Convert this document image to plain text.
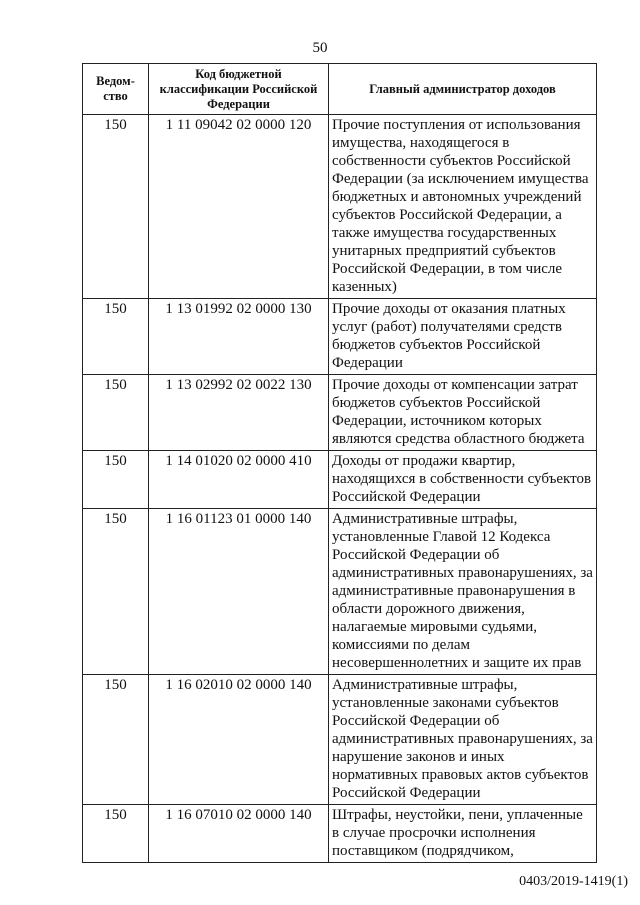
50
Ведом-ство	Код бюджетной классификации Российской Федерации	Главный администратор доходов
150	1 11 09042 02 0000 120	Прочие поступления от использования имущества, находящегося в собственности субъектов Российской Федерации (за исключением имущества бюджетных и автономных учреждений субъектов Российской Федерации, а также имущества государственных унитарных предприятий субъектов Российской Федерации, в том числе казенных)
150	1 13 01992 02 0000 130	Прочие доходы от оказания платных услуг (работ) получателями средств бюджетов субъектов Российской Федерации
150	1 13 02992 02 0022 130	Прочие доходы от компенсации затрат бюджетов субъектов Российской Федерации, источником которых являются средства областного бюджета
150	1 14 01020 02 0000 410	Доходы от продажи квартир, находящихся в собственности субъектов Российской Федерации
150	1 16 01123 01 0000 140	Административные штрафы, установленные Главой 12 Кодекса Российской Федерации об административных правонарушениях, за административные правонарушения в области дорожного движения, налагаемые мировыми судьями, комиссиями по делам несовершеннолетних и защите их прав
150	1 16 02010 02 0000 140	Административные штрафы, установленные законами субъектов Российской Федерации об административных правонарушениях, за нарушение законов и иных нормативных правовых актов субъектов Российской Федерации
150	1 16 07010 02 0000 140	Штрафы, неустойки, пени, уплаченные в случае просрочки исполнения поставщиком (подрядчиком,
0403/2019-1419(1)
